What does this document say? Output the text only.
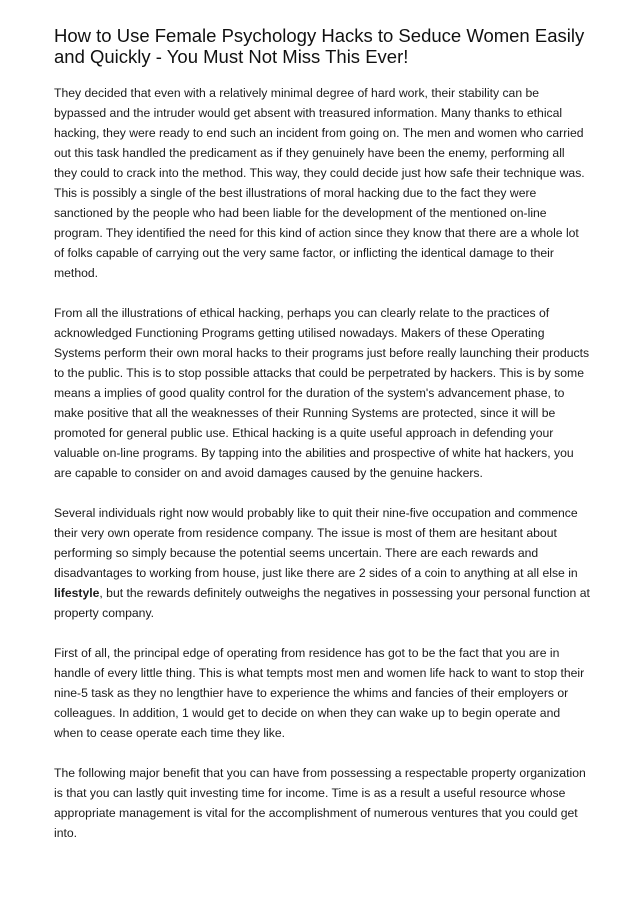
How to Use Female Psychology Hacks to Seduce Women Easily and Quickly - You Must Not Miss This Ever!

They decided that even with a relatively minimal degree of hard work, their stability can be bypassed and the intruder would get absent with treasured information. Many thanks to ethical hacking, they were ready to end such an incident from going on. The men and women who carried out this task handled the predicament as if they genuinely have been the enemy, performing all they could to crack into the method. This way, they could decide just how safe their technique was. This is possibly a single of the best illustrations of moral hacking due to the fact they were sanctioned by the people who had been liable for the development of the mentioned on-line program. They identified the need for this kind of action since they know that there are a whole lot of folks capable of carrying out the very same factor, or inflicting the identical damage to their method.

From all the illustrations of ethical hacking, perhaps you can clearly relate to the practices of acknowledged Functioning Programs getting utilised nowadays. Makers of these Operating Systems perform their own moral hacks to their programs just before really launching their products to the public. This is to stop possible attacks that could be perpetrated by hackers. This is by some means a implies of good quality control for the duration of the system's advancement phase, to make positive that all the weaknesses of their Running Systems are protected, since it will be promoted for general public use. Ethical hacking is a quite useful approach in defending your valuable on-line programs. By tapping into the abilities and prospective of white hat hackers, you are capable to consider on and avoid damages caused by the genuine hackers.

Several individuals right now would probably like to quit their nine-five occupation and commence their very own operate from residence company. The issue is most of them are hesitant about performing so simply because the potential seems uncertain. There are each rewards and disadvantages to working from house, just like there are 2 sides of a coin to anything at all else in lifestyle, but the rewards definitely outweighs the negatives in possessing your personal function at property company.

First of all, the principal edge of operating from residence has got to be the fact that you are in handle of every little thing. This is what tempts most men and women life hack to want to stop their nine-5 task as they no lengthier have to experience the whims and fancies of their employers or colleagues. In addition, 1 would get to decide on when they can wake up to begin operate and when to cease operate each time they like.

The following major benefit that you can have from possessing a respectable property organization is that you can lastly quit investing time for income. Time is as a result a useful resource whose appropriate management is vital for the accomplishment of numerous ventures that you could get into.
